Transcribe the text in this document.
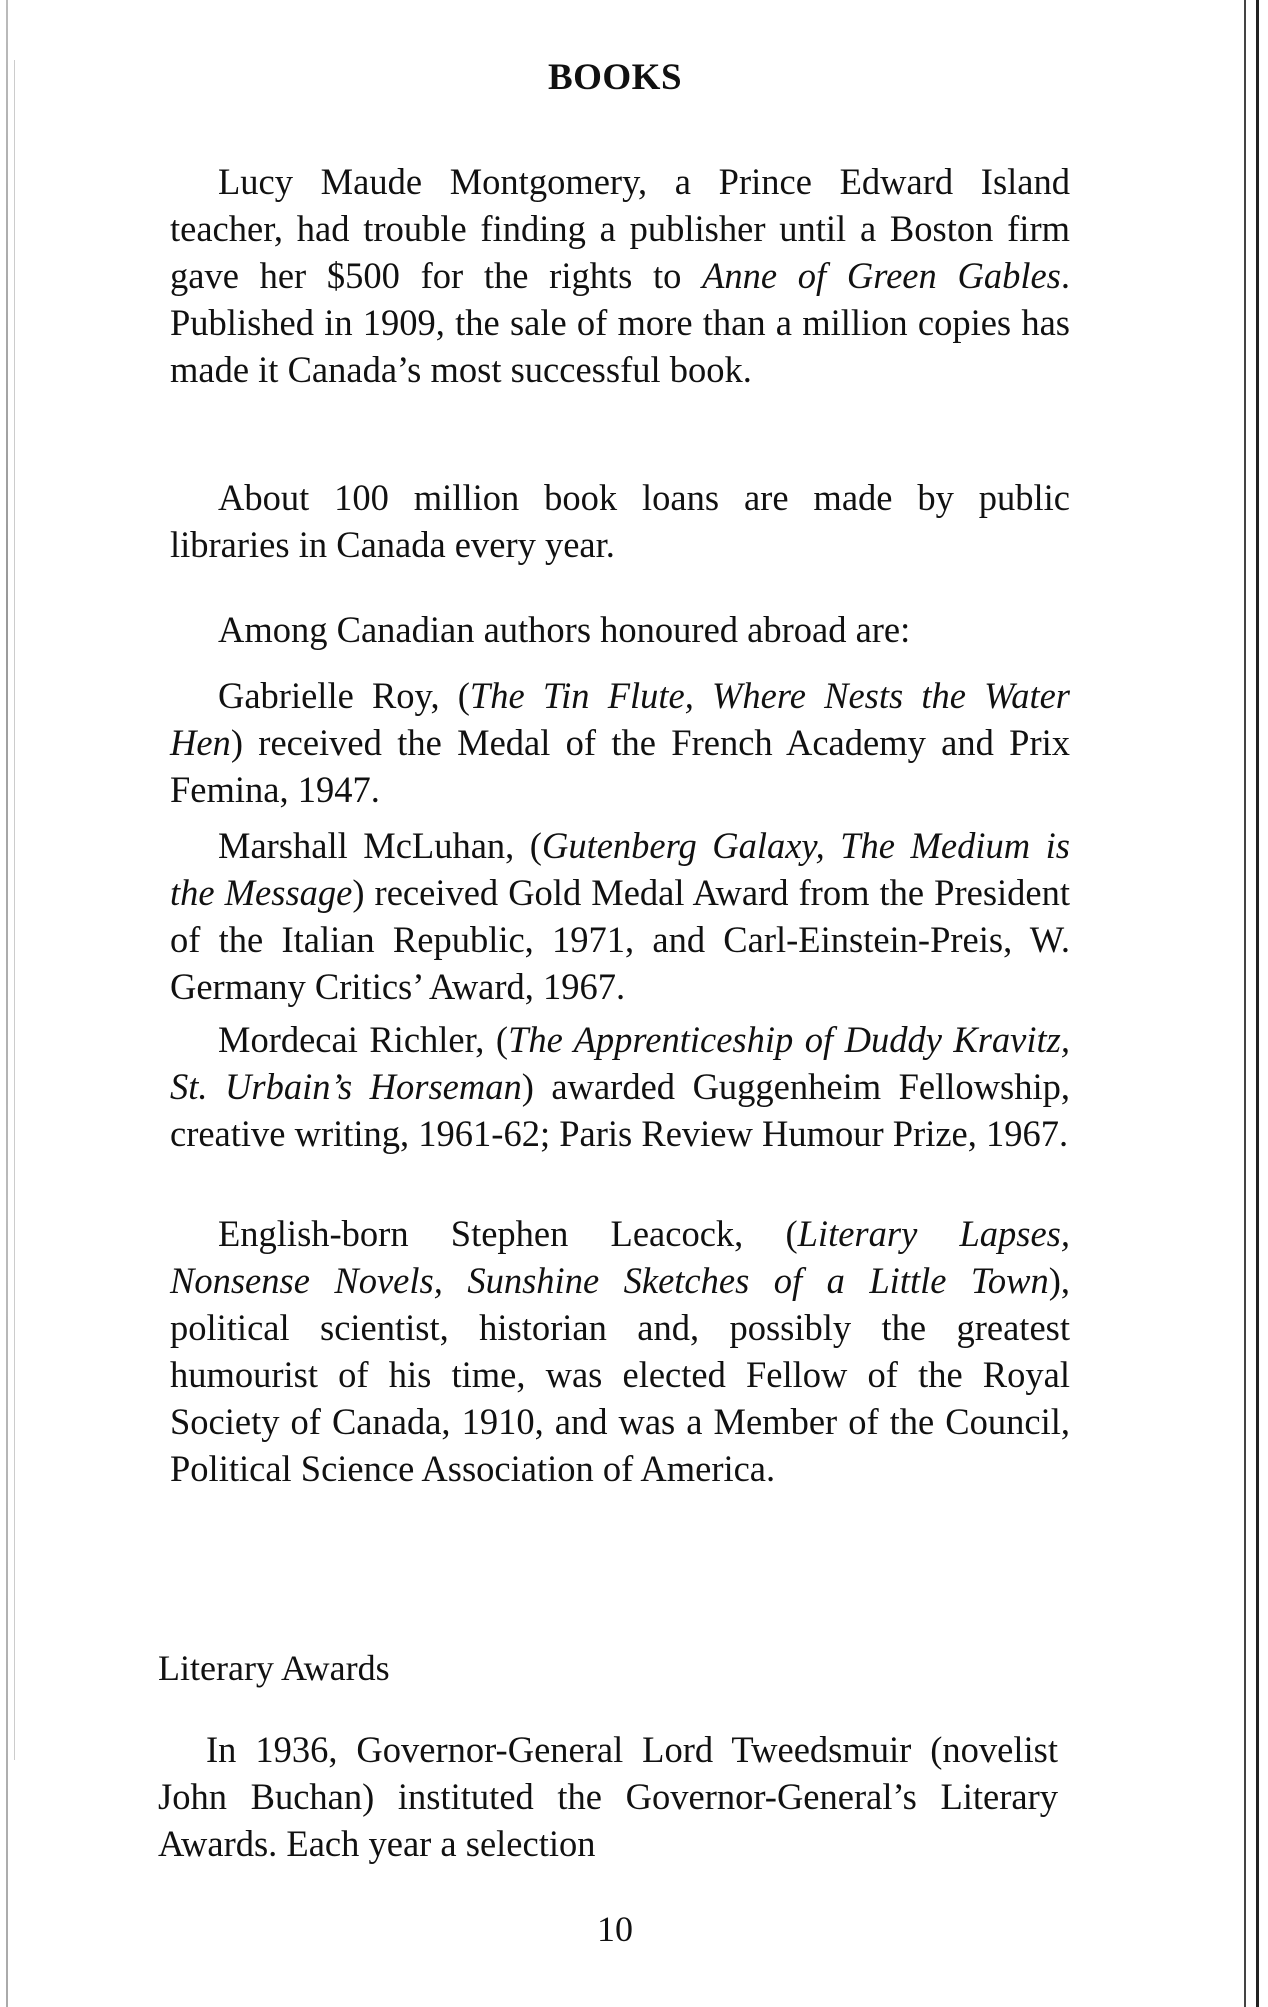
BOOKS

Lucy Maude Montgomery, a Prince Edward Island teacher, had trouble finding a publisher until a Boston firm gave her $500 for the rights to Anne of Green Gables. Published in 1909, the sale of more than a million copies has made it Canada’s most successful book.

About 100 million book loans are made by public libraries in Canada every year.

Among Canadian authors honoured abroad are:

Gabrielle Roy, (The Tin Flute, Where Nests the Water Hen) received the Medal of the French Academy and Prix Femina, 1947.

Marshall McLuhan, (Gutenberg Galaxy, The Medium is the Message) received Gold Medal Award from the President of the Italian Republic, 1971, and Carl-Einstein-Preis, W. Germany Critics’ Award, 1967.

Mordecai Richler, (The Apprenticeship of Duddy Kravitz, St. Urbain’s Horseman) awarded Guggenheim Fellowship, creative writing, 1961-62; Paris Review Humour Prize, 1967.

English-born Stephen Leacock, (Literary Lapses, Nonsense Novels, Sunshine Sketches of a Little Town), political scientist, historian and, possibly the greatest humourist of his time, was elected Fellow of the Royal Society of Canada, 1910, and was a Member of the Council, Political Science Association of America.

Literary Awards

In 1936, Governor-General Lord Tweedsmuir (novelist John Buchan) instituted the Governor-General’s Literary Awards. Each year a selection

10
